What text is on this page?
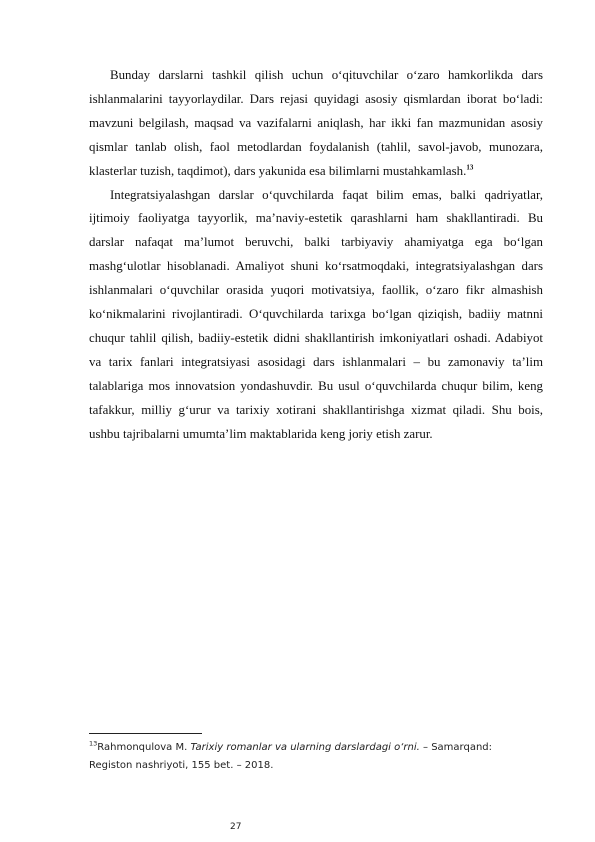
Bunday darslarni tashkil qilish uchun o‘qituvchilar o‘zaro hamkorlikda dars ishlanmalarini tayyorlaydilar. Dars rejasi quyidagi asosiy qismlardan iborat bo‘ladi: mavzuni belgilash, maqsad va vazifalarni aniqlash, har ikki fan mazmunidan asosiy qismlar tanlab olish, faol metodlardan foydalanish (tahlil, savol-javob, munozara, klasterlar tuzish, taqdimot), dars yakunida esa bilimlarni mustahkamlash.$^{13}$

Integratsiyalashgan darslar o‘quvchilarda faqat bilim emas, balki qadriyatlar, ijtimoiy faoliyatga tayyorlik, ma’naviy-estetik qarashlarni ham shakllantiradi. Bu darslar nafaqat ma’lumot beruvchi, balki tarbiyaviy ahamiyatga ega bo‘lgan mashg‘ulotlar hisoblanadi. Amaliyot shuni ko‘rsatmoqdaki, integratsiyalashgan dars ishlanmalari o‘quvchilar orasida yuqori motivatsiya, faollik, o‘zaro fikr almashish ko‘nikmalarini rivojlantiradi. O‘quvchilarda tarixga bo‘lgan qiziqish, badiiy matnni chuqur tahlil qilish, badiiy-estetik didni shakllantirish imkoniyatlari oshadi. Adabiyot va tarix fanlari integratsiyasi asosidagi dars ishlanmalari – bu zamonaviy ta’lim talablariga mos innovatsion yondashuvdir. Bu usul o‘quvchilarda chuqur bilim, keng tafakkur, milliy g‘urur va tarixiy xotirani shakllantirishga xizmat qiladi. Shu bois, ushbu tajribalarni umumta’lim maktablarida keng joriy etish zarur.

$^{13}$Rahmonqulova M. Tarixiy romanlar va ularning darslardagi o‘rni. – Samarqand: Registon nashriyoti, 155 bet. – 2018.
27
